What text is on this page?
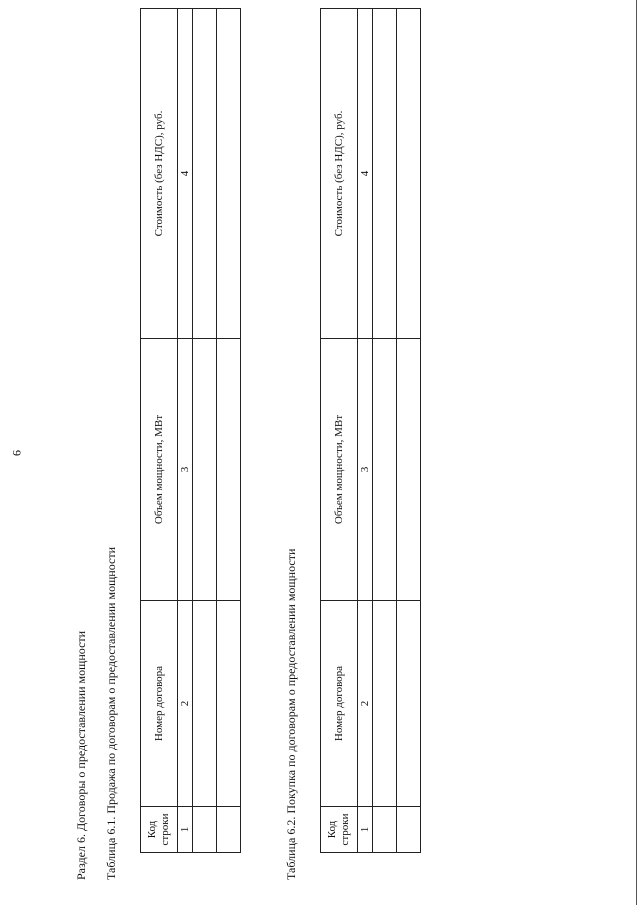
9
Раздел 6. Договоры о предоставлении мощности Таблица 6.1. Продажа по договорам о предоставлении мощности	Код строки	Номер договора	Объем мощности, МВт	Стоимость (без НДС), руб.
1	2	3	4

Таблица 6.2. Покупка по договорам о предоставлении мощности	Код строки	Номер договора	Объем мощности, МВт	Стоимость (без НДС), руб.
1	2	3	4
